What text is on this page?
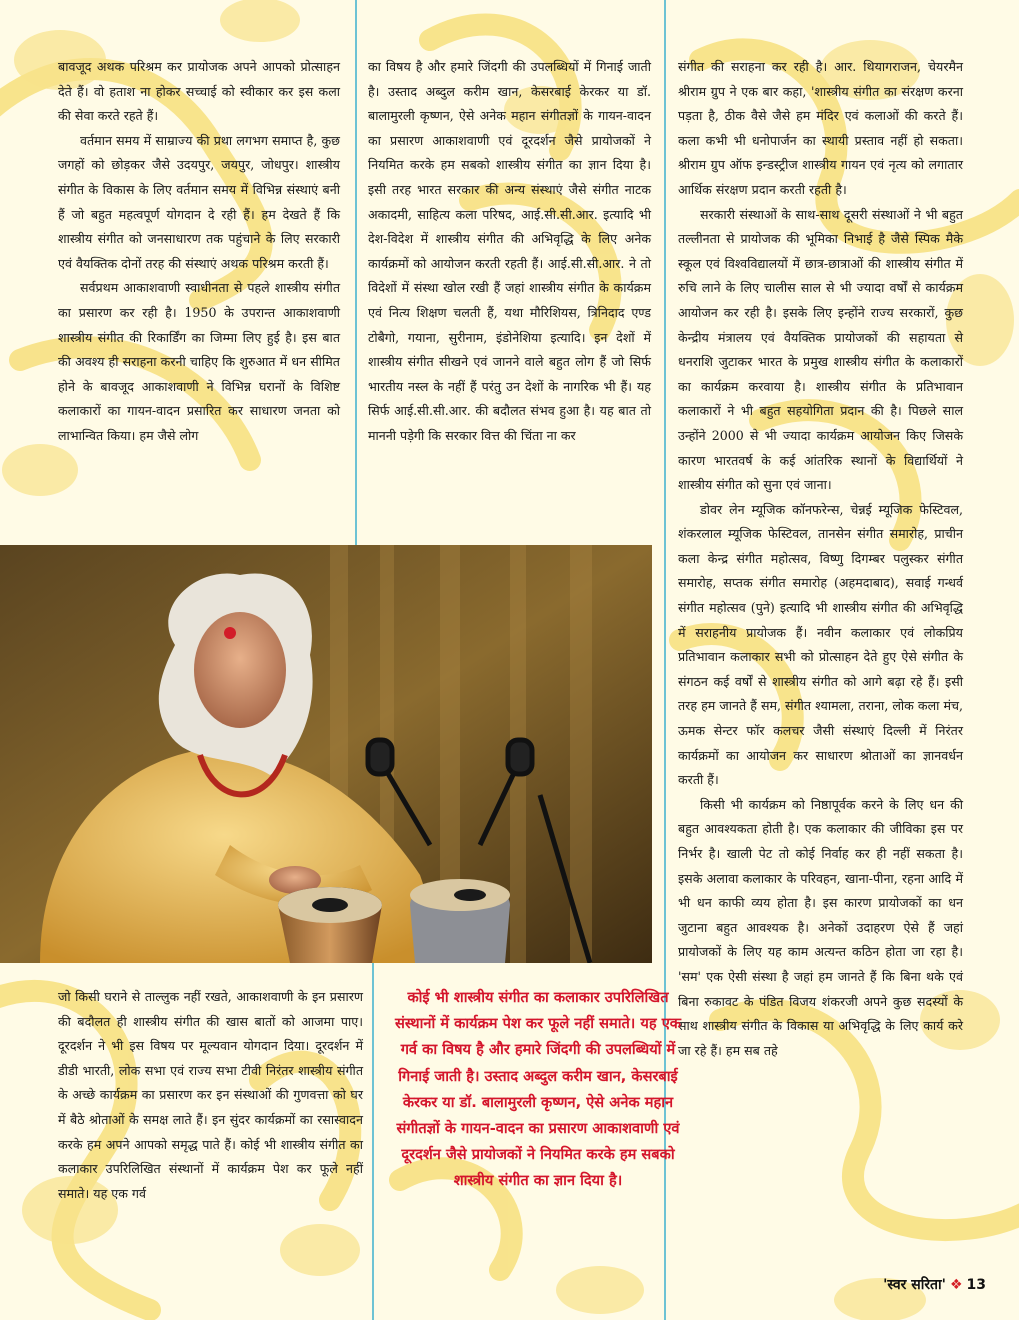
बावजूद अथक परिश्रम कर प्रायोजक अपने आपको प्रोत्साहन देते हैं। वो हताश ना होकर सच्चाई को स्वीकार कर इस कला की सेवा करते रहते हैं।

वर्तमान समय में साम्राज्य की प्रथा लगभग समाप्त है, कुछ जगहों को छोड़कर जैसे उदयपुर, जयपुर, जोधपुर। शास्त्रीय संगीत के विकास के लिए वर्तमान समय में विभिन्न संस्थाएं बनी हैं जो बहुत महत्वपूर्ण योगदान दे रही हैं। हम देखते हैं कि शास्त्रीय संगीत को जनसाधारण तक पहुंचाने के लिए सरकारी एवं वैयक्तिक दोनों तरह की संस्थाएं अथक परिश्रम करती हैं।

सर्वप्रथम आकाशवाणी स्वाधीनता से पहले शास्त्रीय संगीत का प्रसारण कर रही है। 1950 के उपरान्त आकाशवाणी शास्त्रीय संगीत की रिकार्डिंग का जिम्मा लिए हुई है। इस बात की अवश्य ही सराहना करनी चाहिए कि शुरुआत में धन सीमित होने के बावजूद आकाशवाणी ने विभिन्न घरानों के विशिष्ट कलाकारों का गायन-वादन प्रसारित कर साधारण जनता को लाभान्वित किया। हम जैसे लोग

का विषय है और हमारे जिंदगी की उपलब्धियों में गिनाई जाती है। उस्ताद अब्दुल करीम खान, केसरबाई केरकर या डॉ. बालामुरली कृष्णन, ऐसे अनेक महान संगीतज्ञों के गायन-वादन का प्रसारण आकाशवाणी एवं दूरदर्शन जैसे प्रायोजकों ने नियमित करके हम सबको शास्त्रीय संगीत का ज्ञान दिया है। इसी तरह भारत सरकार की अन्य संस्थाएं जैसे संगीत नाटक अकादमी, साहित्य कला परिषद, आई.सी.सी.आर. इत्यादि भी देश-विदेश में शास्त्रीय संगीत की अभिवृद्धि के लिए अनेक कार्यक्रमों को आयोजन करती रहती हैं। आई.सी.सी.आर. ने तो विदेशों में संस्था खोल रखी हैं जहां शास्त्रीय संगीत के कार्यक्रम एवं नित्य शिक्षण चलती हैं, यथा मौरिशियस, त्रिनिदाद एण्ड टोबैगो, गयाना, सुरीनाम, इंडोनेशिया इत्यादि। इन देशों में शास्त्रीय संगीत सीखने एवं जानने वाले बहुत लोग हैं जो सिर्फ भारतीय नस्ल के नहीं हैं परंतु उन देशों के नागरिक भी हैं। यह सिर्फ आई.सी.सी.आर. की बदौलत संभव हुआ है। यह बात तो माननी पड़ेगी कि सरकार वित्त की चिंता ना कर

संगीत की सराहना कर रही है। आर. थियागराजन, चेयरमैन श्रीराम ग्रुप ने एक बार कहा, 'शास्त्रीय संगीत का संरक्षण करना पड़ता है, ठीक वैसे जैसे हम मंदिर एवं कलाओं की करते हैं। कला कभी भी धनोपार्जन का स्थायी प्रस्ताव नहीं हो सकता। श्रीराम ग्रुप ऑफ इन्डस्ट्रीज शास्त्रीय गायन एवं नृत्य को लगातार आर्थिक संरक्षण प्रदान करती रहती है।

सरकारी संस्थाओं के साथ-साथ दूसरी संस्थाओं ने भी बहुत तल्लीनता से प्रायोजक की भूमिका निभाई है जैसे स्पिक मैके स्कूल एवं विश्वविद्यालयों में छात्र-छात्राओं की शास्त्रीय संगीत में रुचि लाने के लिए चालीस साल से भी ज्यादा वर्षों से कार्यक्रम आयोजन कर रही है। इसके लिए इन्होंने राज्य सरकारों, कुछ केन्द्रीय मंत्रालय एवं वैयक्तिक प्रायोजकों की सहायता से धनराशि जुटाकर भारत के प्रमुख शास्त्रीय संगीत के कलाकारों का कार्यक्रम करवाया है। शास्त्रीय संगीत के प्रतिभावान कलाकारों ने भी बहुत सहयोगिता प्रदान की है। पिछले साल उन्होंने 2000 से भी ज्यादा कार्यक्रम आयोजन किए जिसके कारण भारतवर्ष के कई आंतरिक स्थानों के विद्यार्थियों ने शास्त्रीय संगीत को सुना एवं जाना।

डोवर लेन म्यूजिक कॉनफरेन्स, चेन्नई म्यूजिक फेस्टिवल, शंकरलाल म्यूजिक फेस्टिवल, तानसेन संगीत समारोह, प्राचीन कला केन्द्र संगीत महोत्सव, विष्णु दिगम्बर पलुस्कर संगीत समारोह, सप्तक संगीत समारोह (अहमदाबाद), सवाई गन्धर्व संगीत महोत्सव (पुने) इत्यादि भी शास्त्रीय संगीत की अभिवृद्धि में सराहनीय प्रायोजक हैं। नवीन कलाकार एवं लोकप्रिय प्रतिभावान कलाकार सभी को प्रोत्साहन देते हुए ऐसे संगीत के संगठन कई वर्षों से शास्त्रीय संगीत को आगे बढ़ा रहे हैं। इसी तरह हम जानते हैं सम, संगीत श्यामला, तराना, लोक कला मंच, ऊमक सेन्टर फॉर कलचर जैसी संस्थाएं दिल्ली में निरंतर कार्यक्रमों का आयोजन कर साधारण श्रोताओं का ज्ञानवर्धन करती हैं।

किसी भी कार्यक्रम को निष्ठापूर्वक करने के लिए धन की बहुत आवश्यकता होती है। एक कलाकार की जीविका इस पर निर्भर है। खाली पेट तो कोई निर्वाह कर ही नहीं सकता है। इसके अलावा कलाकार के परिवहन, खाना-पीना, रहना आदि में भी धन काफी व्यय होता है। इस कारण प्रायोजकों का धन जुटाना बहुत आवश्यक है। अनेकों उदाहरण ऐसे हैं जहां प्रायोजकों के लिए यह काम अत्यन्त कठिन होता जा रहा है। 'सम' एक ऐसी संस्था है जहां हम जानते हैं कि बिना थके एवं बिना रुकावट के पंडित विजय शंकरजी अपने कुछ सदस्यों के साथ शास्त्रीय संगीत के विकास या अभिवृद्धि के लिए कार्य करे जा रहे हैं। हम सब तहे

जो किसी घराने से ताल्लुक नहीं रखते, आकाशवाणी के इन प्रसारण की बदौलत ही शास्त्रीय संगीत की खास बातों को आजमा पाए। दूरदर्शन ने भी इस विषय पर मूल्यवान योगदान दिया। दूरदर्शन में डीडी भारती, लोक सभा एवं राज्य सभा टीवी निरंतर शास्त्रीय संगीत के अच्छे कार्यक्रम का प्रसारण कर इन संस्थाओं की गुणवत्ता को घर में बैठे श्रोताओं के समक्ष लाते हैं। इन सुंदर कार्यक्रमों का रसास्वादन करके हम अपने आपको समृद्ध पाते हैं। कोई भी शास्त्रीय संगीत का कलाकार उपरिलिखित संस्थानों में कार्यक्रम पेश कर फूले नहीं समाते। यह एक गर्व

कोई भी शास्त्रीय संगीत का कलाकार उपरिलिखित संस्थानों में कार्यक्रम पेश कर फूले नहीं समाते। यह एक गर्व का विषय है और हमारे जिंदगी की उपलब्धियों में गिनाई जाती है। उस्ताद अब्दुल करीम खान, केसरबाई केरकर या डॉ. बालामुरली कृष्णन, ऐसे अनेक महान संगीतज्ञों के गायन-वादन का प्रसारण आकाशवाणी एवं दूरदर्शन जैसे प्रायोजकों ने नियमित करके हम सबको शास्त्रीय संगीत का ज्ञान दिया है।
'स्वर सरिता' ❖ 13
